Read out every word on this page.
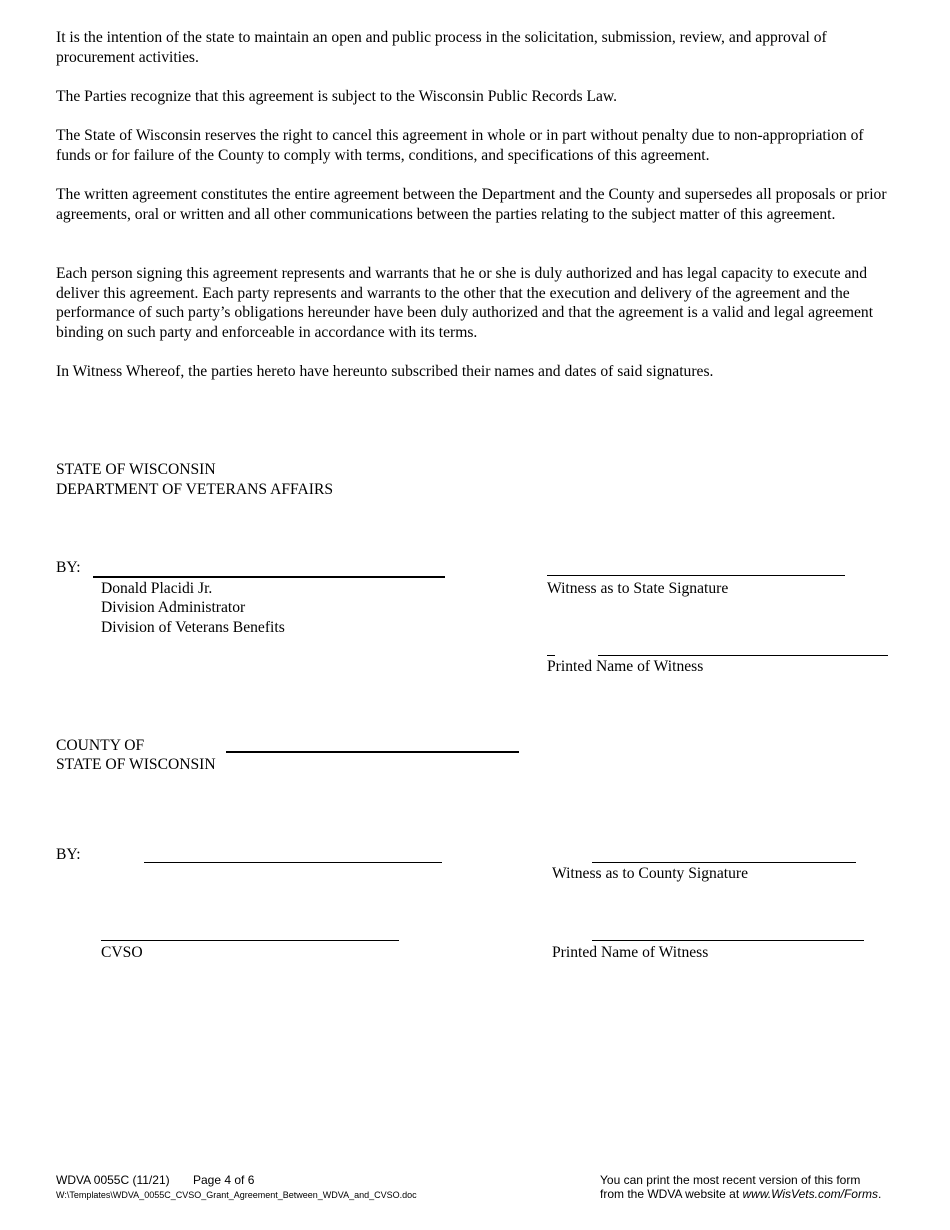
It is the intention of the state to maintain an open and public process in the solicitation, submission, review, and approval of procurement activities.

The Parties recognize that this agreement is subject to the Wisconsin Public Records Law.

The State of Wisconsin reserves the right to cancel this agreement in whole or in part without penalty due to non-appropriation of funds or for failure of the County to comply with terms, conditions, and specifications of this agreement.

The written agreement constitutes the entire agreement between the Department and the County and supersedes all proposals or prior agreements, oral or written and all other communications between the parties relating to the subject matter of this agreement.

Each person signing this agreement represents and warrants that he or she is duly authorized and has legal capacity to execute and deliver this agreement. Each party represents and warrants to the other that the execution and delivery of the agreement and the performance of such party’s obligations hereunder have been duly authorized and that the agreement is a valid and legal agreement binding on such party and enforceable in accordance with its terms.

In Witness Whereof, the parties hereto have hereunto subscribed their names and dates of said signatures.

STATE OF WISCONSIN
DEPARTMENT OF VETERANS AFFAIRS
BY:
Donald Placidi Jr.
Division Administrator
Division of Veterans Benefits
Witness as to State Signature
Printed Name of Witness
COUNTY OF
STATE OF WISCONSIN
BY:
Witness as to County Signature
CVSO	Printed Name of Witness
WDVA 0055C (11/21) Page 4 of 6
W:\Templates\WDVA_0055C_CVSO_Grant_Agreement_Between_WDVA_and_CVSO.doc
You can print the most recent version of this form
from the WDVA website at www.WisVets.com/Forms.
